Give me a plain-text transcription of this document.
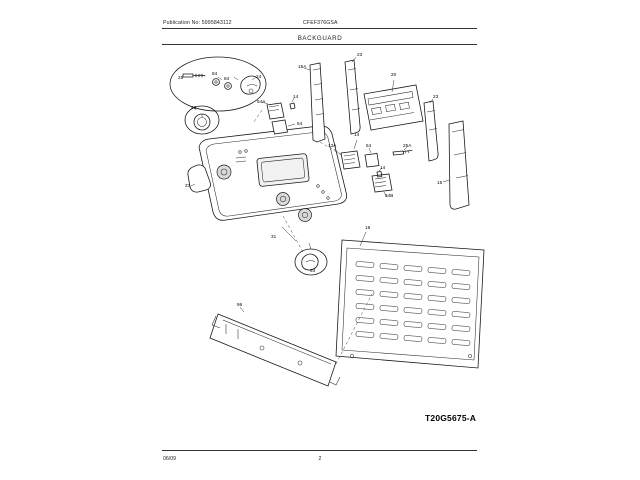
Publication No: 5995843112	CFEF376GSA
BACKGUARD
25
84
84	24
46
15A
23
20
23
54A
14
54
14
13A	54	25A
14
54B
15
37
31
63
19
96
T20G5675-A
06/09	2
